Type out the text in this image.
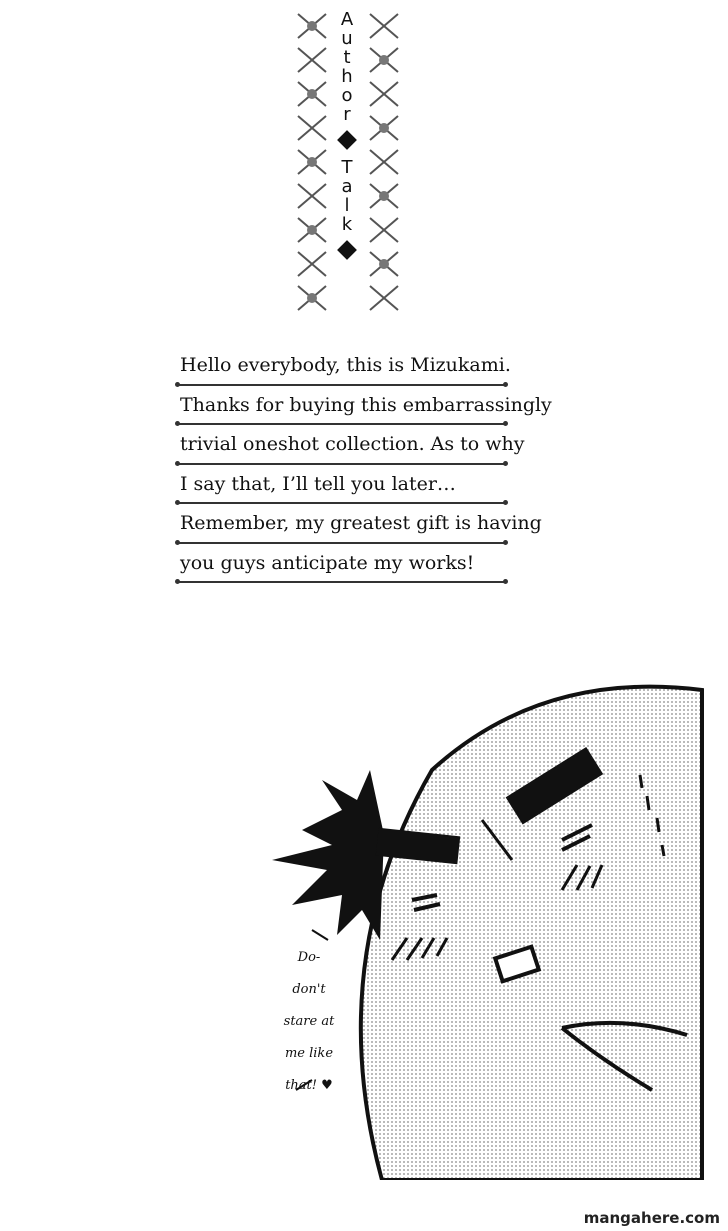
A
u
t
h
o
r
T
a
l
k
Hello everybody, this is Mizukami.
Thanks for buying this embarrassingly
trivial oneshot collection. As to why
I say that, I’ll tell you later…
Remember, my greatest gift is having
you guys anticipate my works!
Do-
don't
stare at
me like
that! ♥
mangahere.com
